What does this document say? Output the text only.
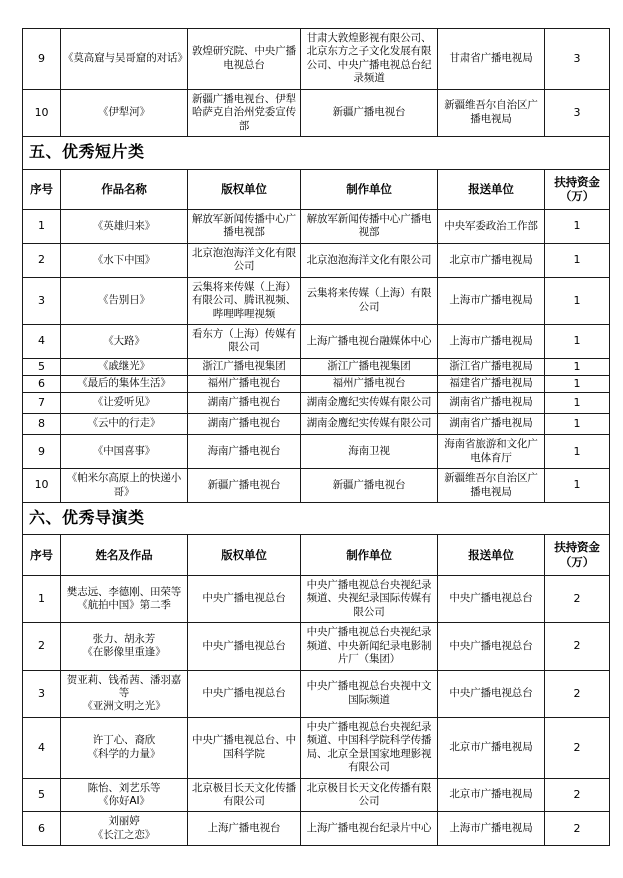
9	《莫高窟与吴哥窟的对话》	敦煌研究院、中央广播电视总台	甘肃大敦煌影视有限公司、北京东方之子文化发展有限公司、中央广播电视总台纪录频道	甘肃省广播电视局	3
10	《伊犁河》	新疆广播电视台、伊犁哈萨克自治州党委宣传部	新疆广播电视台	新疆维吾尔自治区广播电视局	3
五、优秀短片类					
序号	作品名称	版权单位	制作单位	报送单位	扶持资金
（万）
1	《英雄归来》	解放军新闻传播中心广播电视部	解放军新闻传播中心广播电视部	中央军委政治工作部	1
2	《水下中国》	北京泡泡海洋文化有限公司	北京泡泡海洋文化有限公司	北京市广播电视局	1
3	《告别日》	云集将来传媒（上海）有限公司、腾讯视频、哔哩哔哩视频	云集将来传媒（上海）有限公司	上海市广播电视局	1
4	《大路》	看东方（上海）传媒有限公司	上海广播电视台融媒体中心	上海市广播电视局	1
5	《戚继光》	浙江广播电视集团	浙江广播电视集团	浙江省广播电视局	1
6	《最后的集体生活》	福州广播电视台	福州广播电视台	福建省广播电视局	1
7	《让爱听见》	湖南广播电视台	湖南金鹰纪实传媒有限公司	湖南省广播电视局	1
8	《云中的行走》	湖南广播电视台	湖南金鹰纪实传媒有限公司	湖南省广播电视局	1
9	《中国喜事》	海南广播电视台	海南卫视	海南省旅游和文化广电体育厅	1
10	《帕米尔高原上的快递小哥》	新疆广播电视台	新疆广播电视台	新疆维吾尔自治区广播电视局	1
六、优秀导演类					
序号	姓名及作品	版权单位	制作单位	报送单位	扶持资金
（万）
1	樊志远、李德刚、田荣等
《航拍中国》第二季	中央广播电视总台	中央广播电视总台央视纪录频道、央视纪录国际传媒有限公司	中央广播电视总台	2
2	张力、胡永芳
《在影像里重逢》	中央广播电视总台	中央广播电视总台央视纪录频道、中央新闻纪录电影制片厂（集团）	中央广播电视总台	2
3	贺亚莉、钱希茜、潘羽嘉等
《亚洲文明之光》	中央广播电视总台	中央广播电视总台央视中文国际频道	中央广播电视总台	2
4	许丁心、裔欣
《科学的力量》	中央广播电视总台、中国科学院	中央广播电视总台央视纪录频道、中国科学院科学传播局、北京全景国家地理影视有限公司	北京市广播电视局	2
5	陈怡、刘艺乐等
《你好AI》	北京极目长天文化传播有限公司	北京极目长天文化传播有限公司	北京市广播电视局	2
6	刘丽婷
《长江之恋》	上海广播电视台	上海广播电视台纪录片中心	上海市广播电视局	2
